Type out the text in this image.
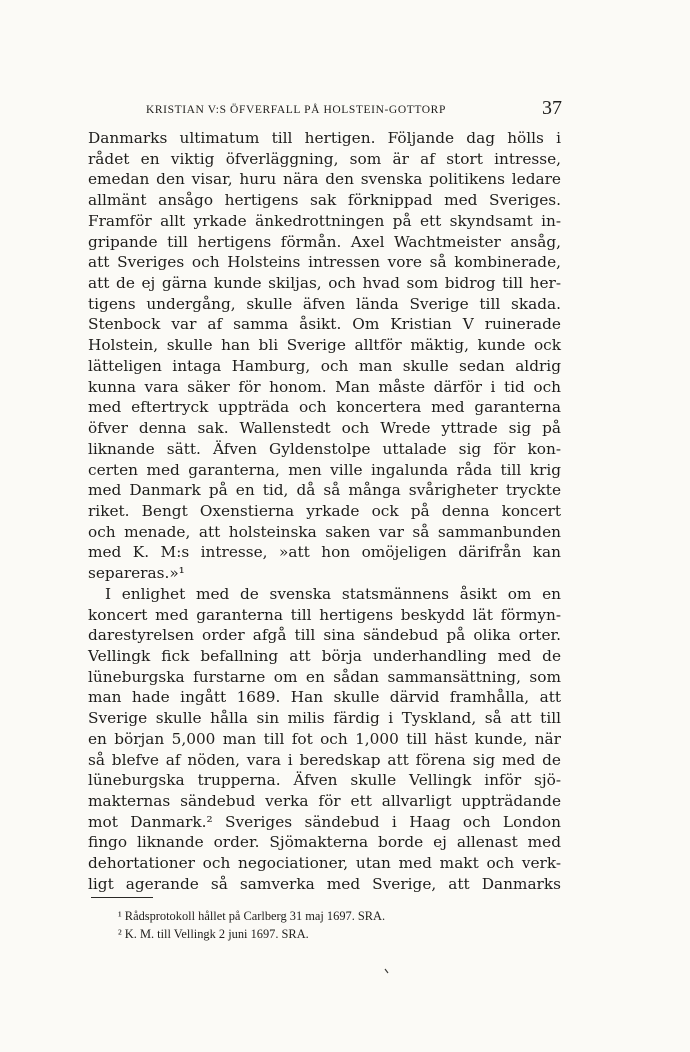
KRISTIAN V:S ÖFVERFALL PÅ HOLSTEIN-GOTTORP	37
Danmarks ultimatum till hertigen. Följande dag hölls i
rådet en viktig öfverläggning, som är af stort intresse,
emedan den visar, huru nära den svenska politikens ledare
allmänt ansågo hertigens sak förknippad med Sveriges.
Framför allt yrkade änkedrottningen på ett skyndsamt in-
gripande till hertigens förmån. Axel Wachtmeister ansåg,
att Sveriges och Holsteins intressen vore så kombinerade,
att de ej gärna kunde skiljas, och hvad som bidrog till her-
tigens undergång, skulle äfven lända Sverige till skada.
Stenbock var af samma åsikt. Om Kristian V ruinerade
Holstein, skulle han bli Sverige alltför mäktig, kunde ock
lätteligen intaga Hamburg, och man skulle sedan aldrig
kunna vara säker för honom. Man måste därför i tid och
med eftertryck uppträda och koncertera med garanterna
öfver denna sak. Wallenstedt och Wrede yttrade sig på
liknande sätt. Äfven Gyldenstolpe uttalade sig för kon-
certen med garanterna, men ville ingalunda råda till krig
med Danmark på en tid, då så många svårigheter tryckte
riket. Bengt Oxenstierna yrkade ock på denna koncert
och menade, att holsteinska saken var så sammanbunden
med K. M:s intresse, »att hon omöjeligen därifrån kan
separeras.»¹
I enlighet med de svenska statsmännens åsikt om en
koncert med garanterna till hertigens beskydd lät förmyn-
darestyrelsen order afgå till sina sändebud på olika orter.
Vellingk fick befallning att börja underhandling med de
lüneburgska furstarne om en sådan sammansättning, som
man hade ingått 1689. Han skulle därvid framhålla, att
Sverige skulle hålla sin milis färdig i Tyskland, så att till
en början 5,000 man till fot och 1,000 till häst kunde, när
så blefve af nöden, vara i beredskap att förena sig med de
lüneburgska trupperna. Äfven skulle Vellingk inför sjö-
makternas sändebud verka för ett allvarligt uppträdande
mot Danmark.² Sveriges sändebud i Haag och London
fingo liknande order. Sjömakterna borde ej allenast med
dehortationer och negociationer, utan med makt och verk-
ligt agerande så samverka med Sverige, att Danmarks
¹ Rådsprotokoll hållet på Carlberg 31 maj 1697. SRA.
² K. M. till Vellingk 2 juni 1697. SRA.
